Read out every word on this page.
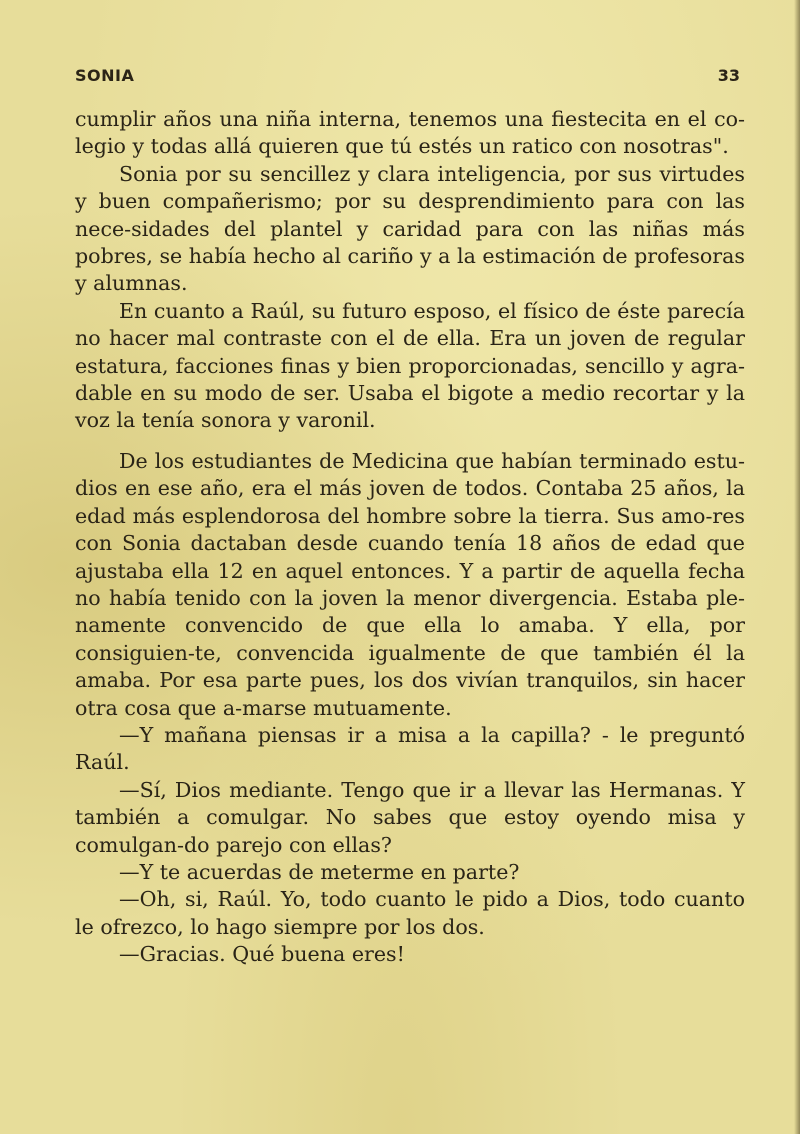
SONIA	33

cumplir años una niña interna, tenemos una fiestecita en el co-legio y todas allá quieren que tú estés un ratico con nosotras".

Sonia por su sencillez y clara inteligencia, por sus virtudes y buen compañerismo; por su desprendimiento para con las nece-sidades del plantel y caridad para con las niñas más pobres, se había hecho al cariño y a la estimación de profesoras y alumnas.

En cuanto a Raúl, su futuro esposo, el físico de éste parecía no hacer mal contraste con el de ella. Era un joven de regular estatura, facciones finas y bien proporcionadas, sencillo y agra-dable en su modo de ser. Usaba el bigote a medio recortar y la voz la tenía sonora y varonil.

De los estudiantes de Medicina que habían terminado estu-dios en ese año, era el más joven de todos. Contaba 25 años, la edad más esplendorosa del hombre sobre la tierra. Sus amo-res con Sonia dactaban desde cuando tenía 18 años de edad que ajustaba ella 12 en aquel entonces. Y a partir de aquella fecha no había tenido con la joven la menor divergencia. Estaba ple-namente convencido de que ella lo amaba. Y ella, por consiguien-te, convencida igualmente de que también él la amaba. Por esa parte pues, los dos vivían tranquilos, sin hacer otra cosa que a-marse mutuamente.

—Y mañana piensas ir a misa a la capilla? - le preguntó Raúl.

—Sí, Dios mediante. Tengo que ir a llevar las Hermanas. Y también a comulgar. No sabes que estoy oyendo misa y comulgan-do parejo con ellas?

—Y te acuerdas de meterme en parte?

—Oh, si, Raúl. Yo, todo cuanto le pido a Dios, todo cuanto le ofrezco, lo hago siempre por los dos.

—Gracias. Qué buena eres!
